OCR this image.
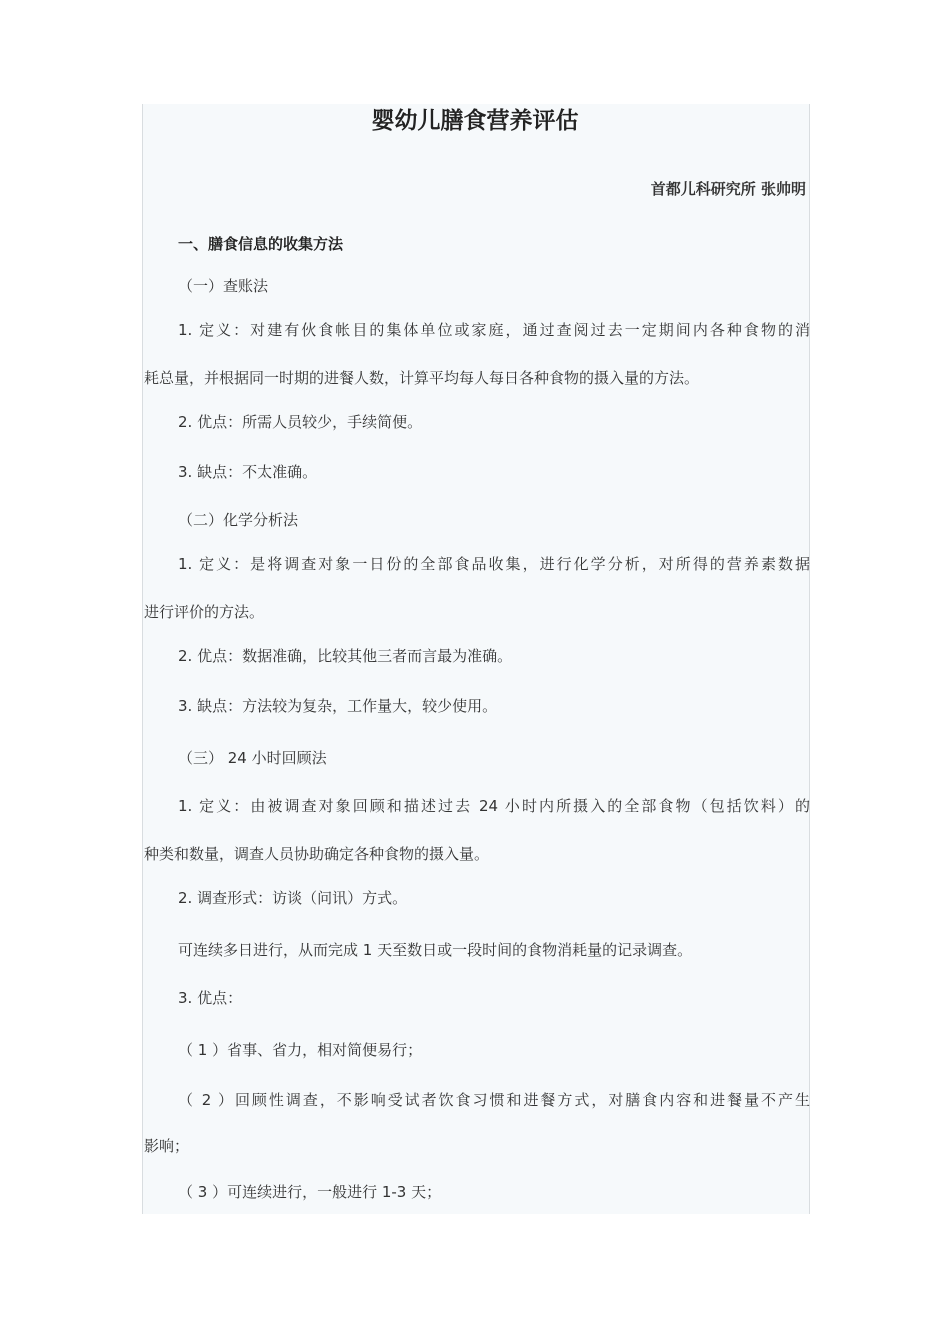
婴幼儿膳食营养评估
首都儿科研究所 张帅明
一、膳食信息的收集方法
（一）查账法
1. 定义：对建有伙食帐目的集体单位或家庭，通过查阅过去一定期间内各种食物的消
耗总量，并根据同一时期的进餐人数，计算平均每人每日各种食物的摄入量的方法。
2. 优点：所需人员较少，手续简便。
3. 缺点：不太准确。
（二）化学分析法
1. 定义：是将调查对象一日份的全部食品收集，进行化学分析，对所得的营养素数据
进行评价的方法。
2. 优点：数据准确，比较其他三者而言最为准确。
3. 缺点：方法较为复杂，工作量大，较少使用。
（三） 24 小时回顾法
1. 定义：由被调查对象回顾和描述过去 24 小时内所摄入的全部食物（包括饮料）的
种类和数量，调查人员协助确定各种食物的摄入量。
2. 调查形式：访谈（问讯）方式。
可连续多日进行，从而完成 1 天至数日或一段时间的食物消耗量的记录调查。
3. 优点：
（ 1 ）省事、省力，相对简便易行；
（ 2 ）回顾性调查，不影响受试者饮食习惯和进餐方式，对膳食内容和进餐量不产生
影响；
（ 3 ）可连续进行，一般进行 1-3 天；
